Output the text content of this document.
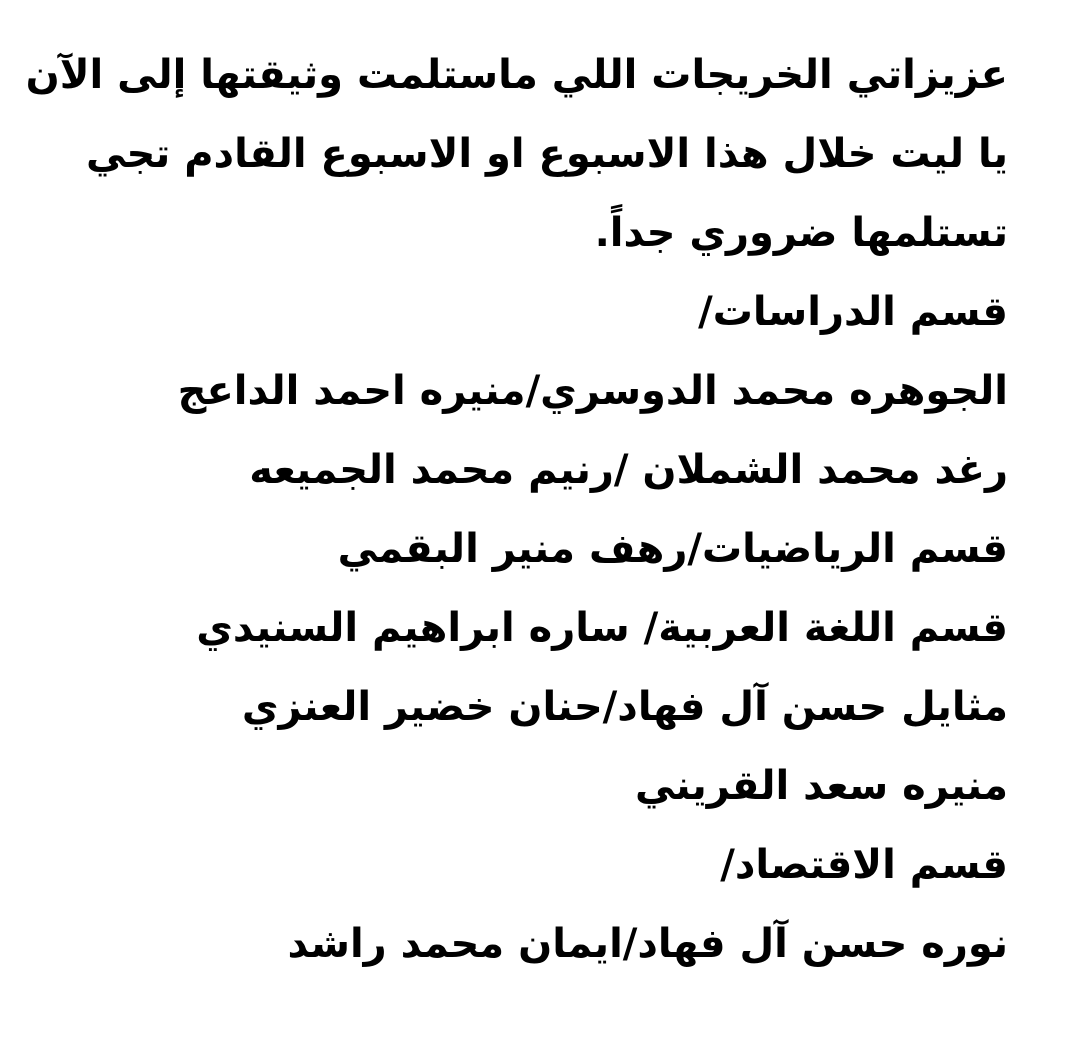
عزيزاتي الخريجات اللي ماستلمت وثيقتها إلى الآن

يا ليت خلال هذا الاسبوع او الاسبوع القادم تجي

تستلمها ضروري جداً.

قسم الدراسات/

الجوهره محمد الدوسري/منيره احمد الداعج

رغد محمد الشملان /رنيم محمد الجميعه

قسم الرياضيات/رهف منير البقمي

قسم اللغة العربية/ ساره ابراهيم السنيدي

مثايل حسن آل فهاد/حنان خضير العنزي

منيره سعد القريني

قسم الاقتصاد/

نوره حسن آل فهاد/ايمان محمد راشد
